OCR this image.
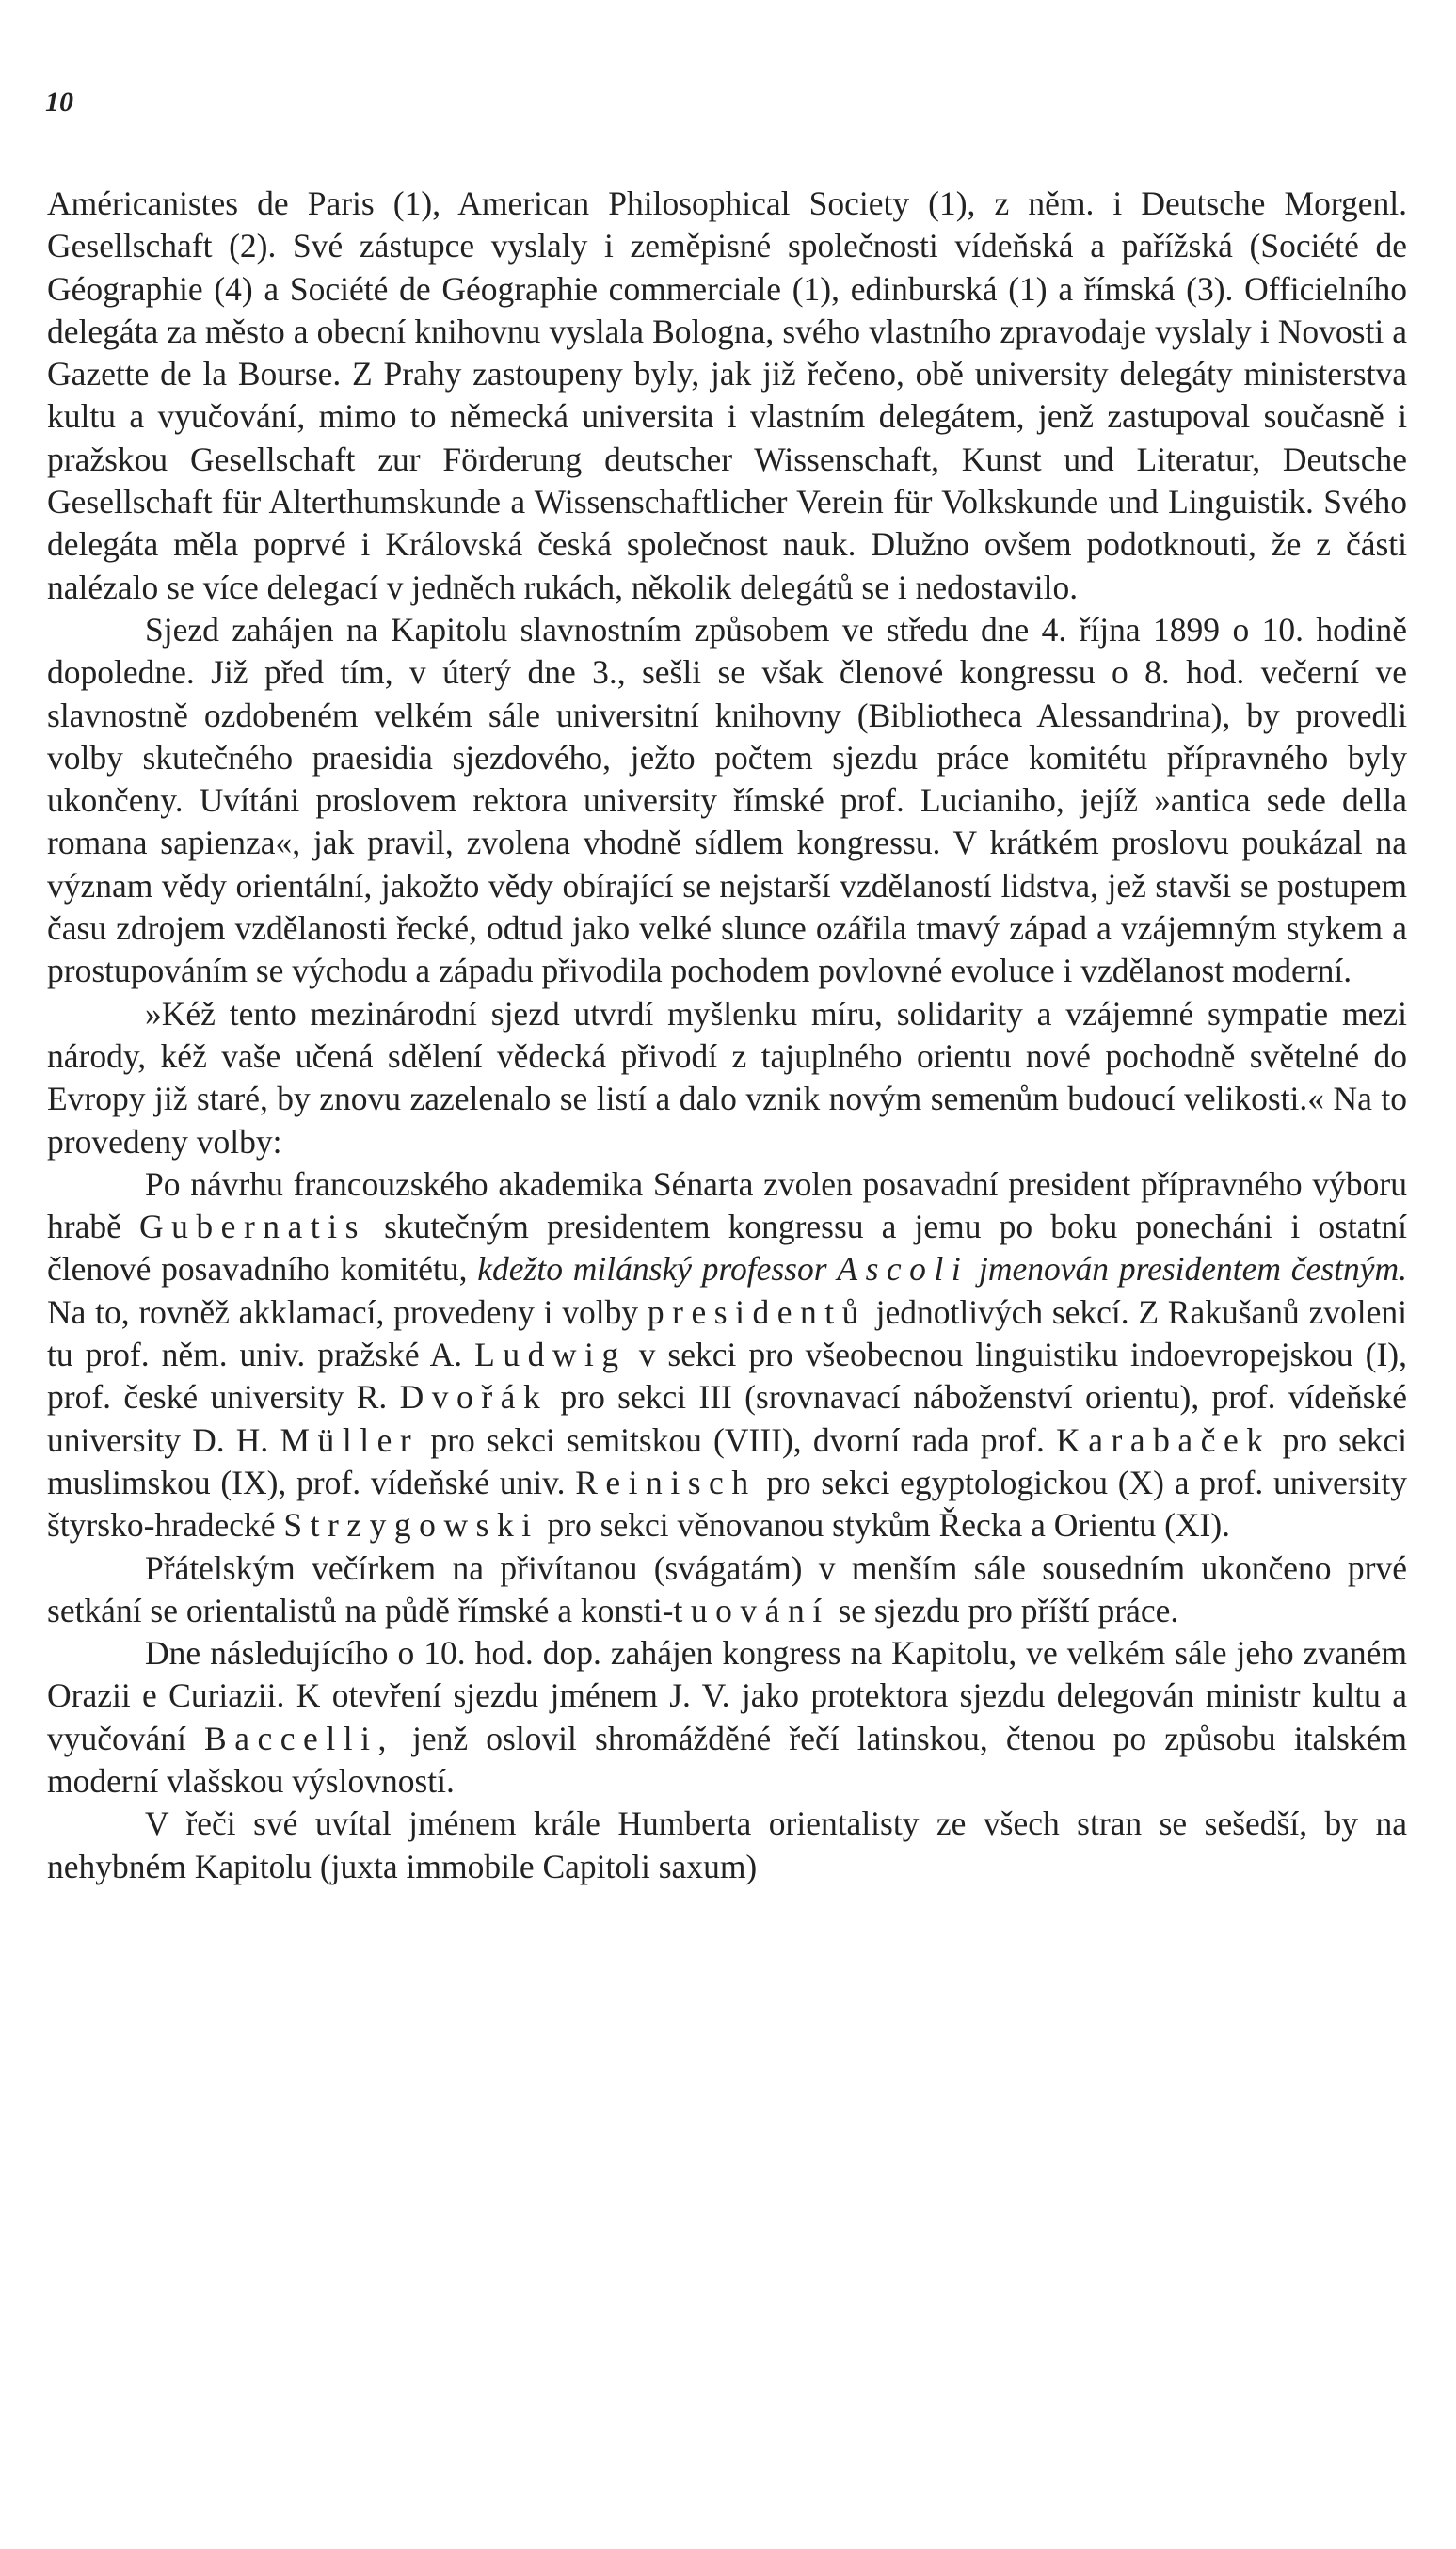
10

Américanistes de Paris (1), American Philosophical Society (1), z něm. i Deutsche Morgenl. Gesellschaft (2). Své zástupce vyslaly i zeměpisné společnosti vídeňská a pařížská (Société de Géographie (4) a Société de Géographie commerciale (1), edinburská (1) a římská (3). Officielního delegáta za město a obecní knihovnu vyslala Bologna, svého vlastního zpravodaje vyslaly i Novosti a Gazette de la Bourse. Z Prahy zastoupeny byly, jak již řečeno, obě university delegáty ministerstva kultu a vyučování, mimo to německá universita i vlastním delegátem, jenž zastupoval současně i pražskou Gesellschaft zur Förderung deutscher Wissenschaft, Kunst und Literatur, Deutsche Gesellschaft für Alterthumskunde a Wissenschaftlicher Verein für Volkskunde und Linguistik. Svého delegáta měla poprvé i Královská česká společnost nauk. Dlužno ovšem podotknouti, že z části nalézalo se více delegací v jedněch rukách, několik delegátů se i nedostavilo.

Sjezd zahájen na Kapitolu slavnostním způsobem ve středu dne 4. října 1899 o 10. hodině dopoledne. Již před tím, v úterý dne 3., sešli se však členové kongressu o 8. hod. večerní ve slavnostně ozdobeném velkém sále universitní knihovny (Bibliotheca Alessandrina), by provedli volby skutečného praesidia sjezdového, ježto počtem sjezdu práce komitétu přípravného byly ukončeny. Uvítáni proslovem rektora university římské prof. Lucianiho, jejíž »antica sede della romana sapienza«, jak pravil, zvolena vhodně sídlem kongressu. V krátkém proslovu poukázal na význam vědy orientální, jakožto vědy obírající se nejstarší vzdělaností lidstva, jež stavši se postupem času zdrojem vzdělanosti řecké, odtud jako velké slunce ozářila tmavý západ a vzájemným stykem a prostupováním se východu a západu přivodila pochodem povlovné evoluce i vzdělanost moderní.

»Kéž tento mezinárodní sjezd utvrdí myšlenku míru, solidarity a vzájemné sympatie mezi národy, kéž vaše učená sdělení vědecká přivodí z tajuplného orientu nové pochodně světelné do Evropy již staré, by znovu zazelenalo se listí a dalo vznik novým semenům budoucí velikosti.« Na to provedeny volby:

Po návrhu francouzského akademika Sénarta zvolen posavadní president přípravného výboru hrabě Gubernatis skutečným presidentem kongressu a jemu po boku ponecháni i ostatní členové posavadního komitétu, kdežto milánský professor Ascoli jmenován presidentem čestným. Na to, rovněž akklamací, provedeny i volby presidentů jednotlivých sekcí. Z Rakušanů zvoleni tu prof. něm. univ. pražské A. Ludwig v sekci pro všeobecnou linguistiku indoevropejskou (I), prof. české university R. Dvořák pro sekci III (srovnavací náboženství orientu), prof. vídeňské university D. H. Müller pro sekci semitskou (VIII), dvorní rada prof. Karabaček pro sekci muslimskou (IX), prof. vídeňské univ. Reinisch pro sekci egyptologickou (X) a prof. university štyrsko-hradecké Strzygowski pro sekci věnovanou stykům Řecka a Orientu (XI).

Přátelským večírkem na přivítanou (svágatám) v menším sále sousedním ukončeno prvé setkání se orientalistů na půdě římské a konsti-tuování se sjezdu pro příští práce.

Dne následujícího o 10. hod. dop. zahájen kongress na Kapitolu, ve velkém sále jeho zvaném Orazii e Curiazii. K otevření sjezdu jménem J. V. jako protektora sjezdu delegován ministr kultu a vyučování Baccelli, jenž oslovil shromážděné řečí latinskou, čtenou po způsobu italském moderní vlašskou výslovností.

V řeči své uvítal jménem krále Humberta orientalisty ze všech stran se sešedší, by na nehybném Kapitolu (juxta immobile Capitoli saxum)
